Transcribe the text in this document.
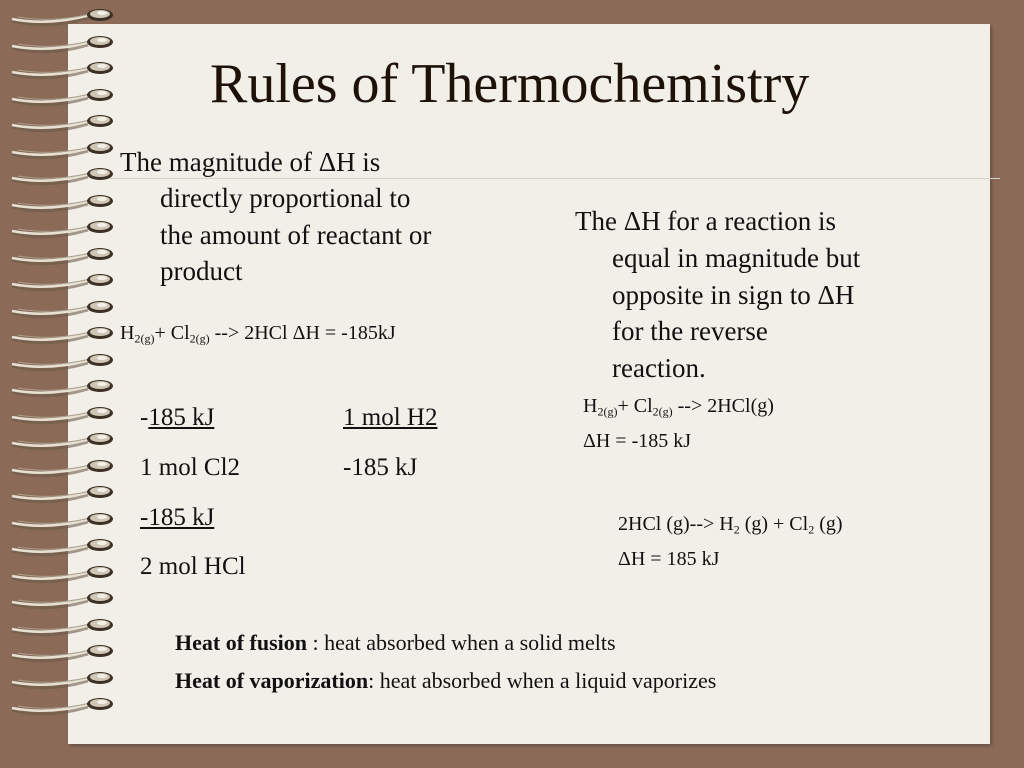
Rules of Thermochemistry
The magnitude of ΔH is
directly proportional to
the amount of reactant or
product
$H_{2(g)}+ Cl_{2(g)}$ --> 2HCl ΔH = -185kJ
-185 kJ
1 mol Cl2
1 mol H2
-185 kJ
-185 kJ
2 mol HCl
The ΔH for a reaction is
equal in magnitude but
opposite in sign to ΔH
for the reverse
reaction.
$H_{2(g)}+ Cl_{2(g)}$ --> 2HCl(g)
ΔH = -185 kJ
2HCl $(g)--> H_2$ $(g) + Cl_2$ (g)
ΔH = 185 kJ
Heat of fusion : heat absorbed when a solid melts
Heat of vaporization: heat absorbed when a liquid vaporizes
